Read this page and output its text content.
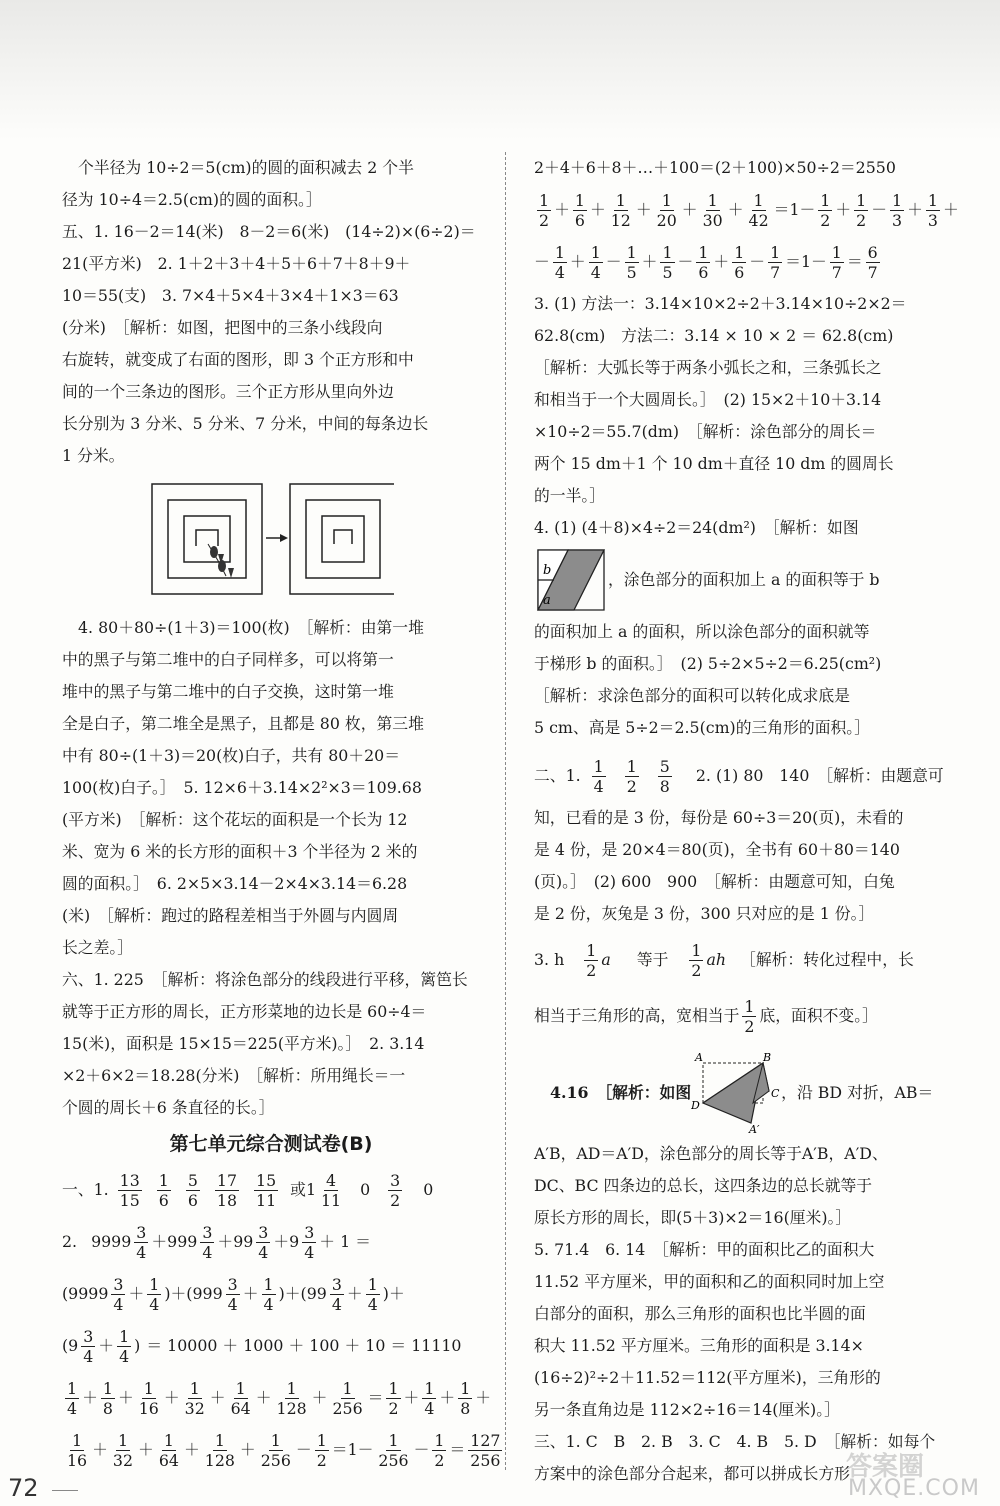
个半径为 10÷2＝5(cm)的圆的面积减去 2 个半
径为 10÷4＝2.5(cm)的圆的面积。］
五、1. 16－2＝14(米)　8－2＝6(米)　(14÷2)×(6÷2)＝
21(平方米)　2. 1＋2＋3＋4＋5＋6＋7＋8＋9＋
10＝55(支)　3. 7×4＋5×4＋3×4＋1×3＝63
(分米)　［解析：如图，把图中的三条小线段向
右旋转，就变成了右面的图形，即 3 个正方形和中
间的一个三条边的图形。三个正方形从里向外边
长分别为 3 分米、5 分米、7 分米，中间的每条边长
1 分米。
4. 80＋80÷(1＋3)＝100(枚)　［解析：由第一堆
中的黑子与第二堆中的白子同样多，可以将第一
堆中的黑子与第二堆中的白子交换，这时第一堆
全是白子，第二堆全是黑子，且都是 80 枚，第三堆
中有 80÷(1＋3)＝20(枚)白子，共有 80＋20＝
100(枚)白子。］　5. 12×6＋3.14×2²×3＝109.68
(平方米)　［解析：这个花坛的面积是一个长为 12
米、宽为 6 米的长方形的面积＋3 个半径为 2 米的
圆的面积。］　6. 2×5×3.14－2×4×3.14＝6.28
(米)　［解析：跑过的路程差相当于外圆与内圆周
长之差。］
六、1. 225　［解析：将涂色部分的线段进行平移，篱笆长
就等于正方形的周长，正方形菜地的边长是 60÷4＝
15(米)，面积是 15×15＝225(平方米)。］　2. 3.14
×2＋6×2＝18.28(分米)　［解析：所用绳长＝一
个圆的周长＋6 条直径的长。］
第七单元综合测试卷(B)
一、1. $\frac{13}{15} \frac{1}{6} \frac{5}{6} \frac{17}{18} \frac{15}{11}$ 或 $1 \frac{4}{11} 0 \frac{3}{2} 0$
2. $9999 \frac{3}{4} + 999 \frac{3}{4} + 99 \frac{3}{4} + 9 \frac{3}{4} + 1$ ＝
( $9999 \frac{3}{4} + \frac{1}{4}$ ) ＋ ( $999 \frac{3}{4} + \frac{1}{4}$ ) ＋ ( $99 \frac{3}{4} + \frac{1}{4}$ ) ＋
( $9 \frac{3}{4} + \frac{1}{4}$ ) ＝ 10000 ＋ 1000 ＋ 100 ＋ 10 ＝ 11110
$\frac{1}{4} + \frac{1}{8} + \frac{1}{16} + \frac{1}{32} + \frac{1}{64} + \frac{1}{128} + \frac{1}{256} = \frac{1}{2} + \frac{1}{4} + \frac{1}{8}$ ＋
$\frac{1}{16} + \frac{1}{32} + \frac{1}{64} + \frac{1}{128} + \frac{1}{256} - \frac{1}{2} =1- \frac{1}{256} - \frac{1}{2} = \frac{127}{256}$
2＋4＋6＋8＋…＋100＝(2＋100)×50÷2＝2550
$\frac{1}{2} + \frac{1}{6} + \frac{1}{12} + \frac{1}{20} + \frac{1}{30} + \frac{1}{42} = 1- \frac{1}{2} + \frac{1}{2} - \frac{1}{3} + \frac{1}{3}$ ＋
－ $\frac{1}{4} + \frac{1}{4} - \frac{1}{5} + \frac{1}{5} - \frac{1}{6} + \frac{1}{6} - \frac{1}{7} = 1- \frac{1}{7} = \frac{6}{7}$
3. (1) 方法一：3.14×10×2÷2＋3.14×10÷2×2＝
62.8(cm)　方法二：3.14 × 10 × 2 ＝ 62.8(cm)
［解析：大弧长等于两条小弧长之和，三条弧长之
和相当于一个大圆周长。］　(2) 15×2＋10＋3.14
×10÷2＝55.7(dm)　［解析：涂色部分的周长＝
两个 15 dm＋1 个 10 dm＋直径 10 dm 的圆周长
的一半。］
4. (1) (4＋8)×4÷2＝24(dm²)　［解析：如图
b
a
，涂色部分的面积加上 a 的面积等于 b
的面积加上 a 的面积，所以涂色部分的面积就等
于梯形 b 的面积。］　(2) 5÷2×5÷2＝6.25(cm²)
［解析：求涂色部分的面积可以转化成求底是
5 cm、高是 5÷2＝2.5(cm)的三角形的面积。］
二、1. $\frac{1}{4} \frac{1}{2} \frac{5}{8} 2$. (1) 80　140　［解析：由题意可
知，已看的是 3 份，每份是 60÷3＝20(页)，未看的
是 4 份，是 20×4＝80(页)，全书有 60＋80＝140
(页)。］　(2) 600　900　［解析：由题意可知，白兔
是 2 份，灰兔是 3 份，300 只对应的是 1 份。］
3. h $\frac{1}{2}$ a 等于 $\frac{1}{2}$ ah ［解析：转化过程中，长
相当于三角形的高，宽相当于 $\frac{1}{2}$ 底，面积不变。］
4.16　［解析：如图
A	B
C
D
A′
，沿 BD 对折，AB＝
A′B，AD＝A′D，涂色部分的周长等于A′B，A′D、
DC、BC 四条边的总长，这四条边的总长就等于
原长方形的周长，即(5＋3)×2＝16(厘米)。］
5. 71.4　6. 14　［解析：甲的面积比乙的面积大
11.52 平方厘米，甲的面积和乙的面积同时加上空
白部分的面积，那么三角形的面积也比半圆的面
积大 11.52 平方厘米。三角形的面积是 3.14×
(16÷2)²÷2＋11.52＝112(平方厘米)，三角形的
另一条直角边是 112×2÷16＝14(厘米)。］
三、1. C　B　2. B　3. C　4. B　5. D　［解析：如每个
方案中的涂色部分合起来，都可以拼成长方形
72
答案圈
MXQE.COM
